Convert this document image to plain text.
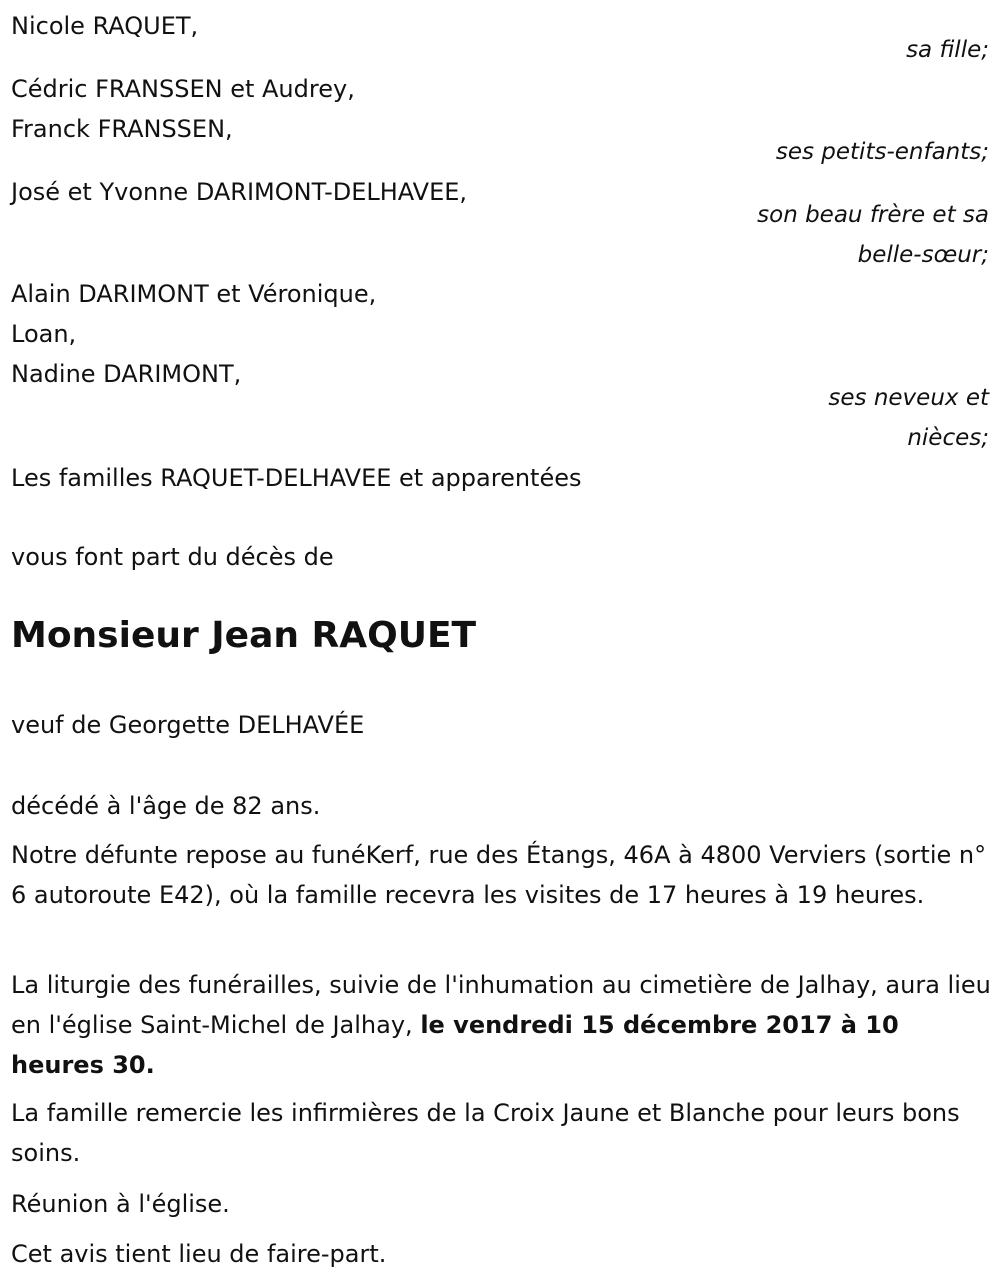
Nicole RAQUET,
sa fille;
Cédric FRANSSEN et Audrey,
Franck FRANSSEN,
ses petits-enfants;
José et Yvonne DARIMONT-DELHAVEE,
son beau frère et sa
belle-sœur;
Alain DARIMONT et Véronique,
Loan,
Nadine DARIMONT,
ses neveux et
nièces;
Les familles RAQUET-DELHAVEE et apparentées
vous font part du décès de
Monsieur Jean RAQUET
veuf de Georgette DELHAVÉE
décédé à l'âge de 82 ans.
Notre défunte repose au funéKerf, rue des Étangs, 46A à 4800 Verviers (sortie n° 6 autoroute E42), où la famille recevra les visites de 17 heures à 19 heures.
La liturgie des funérailles, suivie de l'inhumation au cimetière de Jalhay, aura lieu en l'église Saint-Michel de Jalhay, le vendredi 15 décembre 2017 à 10 heures 30.
La famille remercie les infirmières de la Croix Jaune et Blanche pour leurs bons soins.
Réunion à l'église.
Cet avis tient lieu de faire-part.
